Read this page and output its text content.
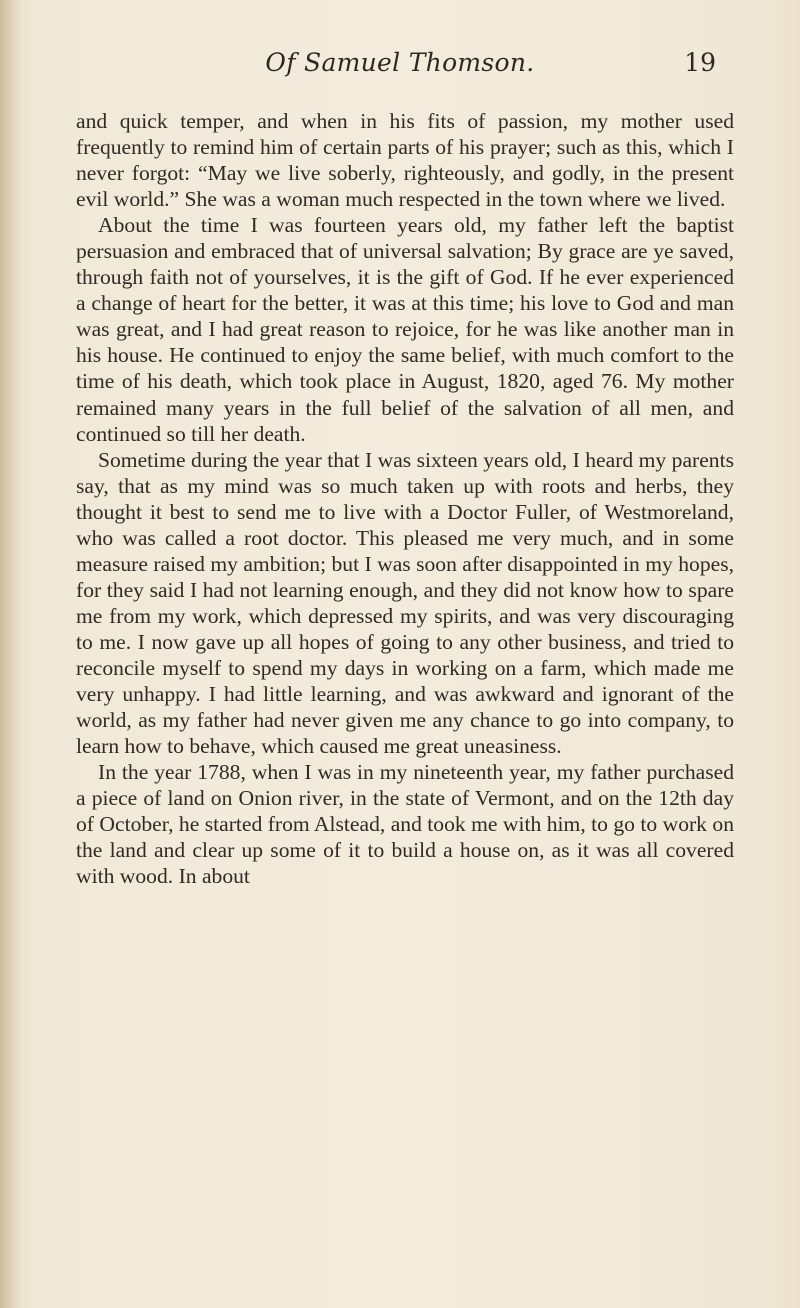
Of Samuel Thomson.	19

and quick temper, and when in his fits of passion, my mother used frequently to remind him of certain parts of his prayer; such as this, which I never forgot: “May we live soberly, righteously, and godly, in the present evil world.” She was a woman much respected in the town where we lived.

About the time I was fourteen years old, my father left the baptist persuasion and embraced that of universal salvation; By grace are ye saved, through faith not of yourselves, it is the gift of God. If he ever experienced a change of heart for the better, it was at this time; his love to God and man was great, and I had great reason to rejoice, for he was like another man in his house. He continued to enjoy the same belief, with much comfort to the time of his death, which took place in August, 1820, aged 76. My mother remained many years in the full belief of the salvation of all men, and continued so till her death.

Sometime during the year that I was sixteen years old, I heard my parents say, that as my mind was so much taken up with roots and herbs, they thought it best to send me to live with a Doctor Fuller, of Westmoreland, who was called a root doctor. This pleased me very much, and in some measure raised my ambition; but I was soon after disappointed in my hopes, for they said I had not learning enough, and they did not know how to spare me from my work, which depressed my spirits, and was very discouraging to me. I now gave up all hopes of going to any other business, and tried to reconcile myself to spend my days in working on a farm, which made me very unhappy. I had little learning, and was awkward and ignorant of the world, as my father had never given me any chance to go into company, to learn how to behave, which caused me great uneasiness.

In the year 1788, when I was in my nineteenth year, my father purchased a piece of land on Onion river, in the state of Vermont, and on the 12th day of October, he started from Alstead, and took me with him, to go to work on the land and clear up some of it to build a house on, as it was all covered with wood. In about
